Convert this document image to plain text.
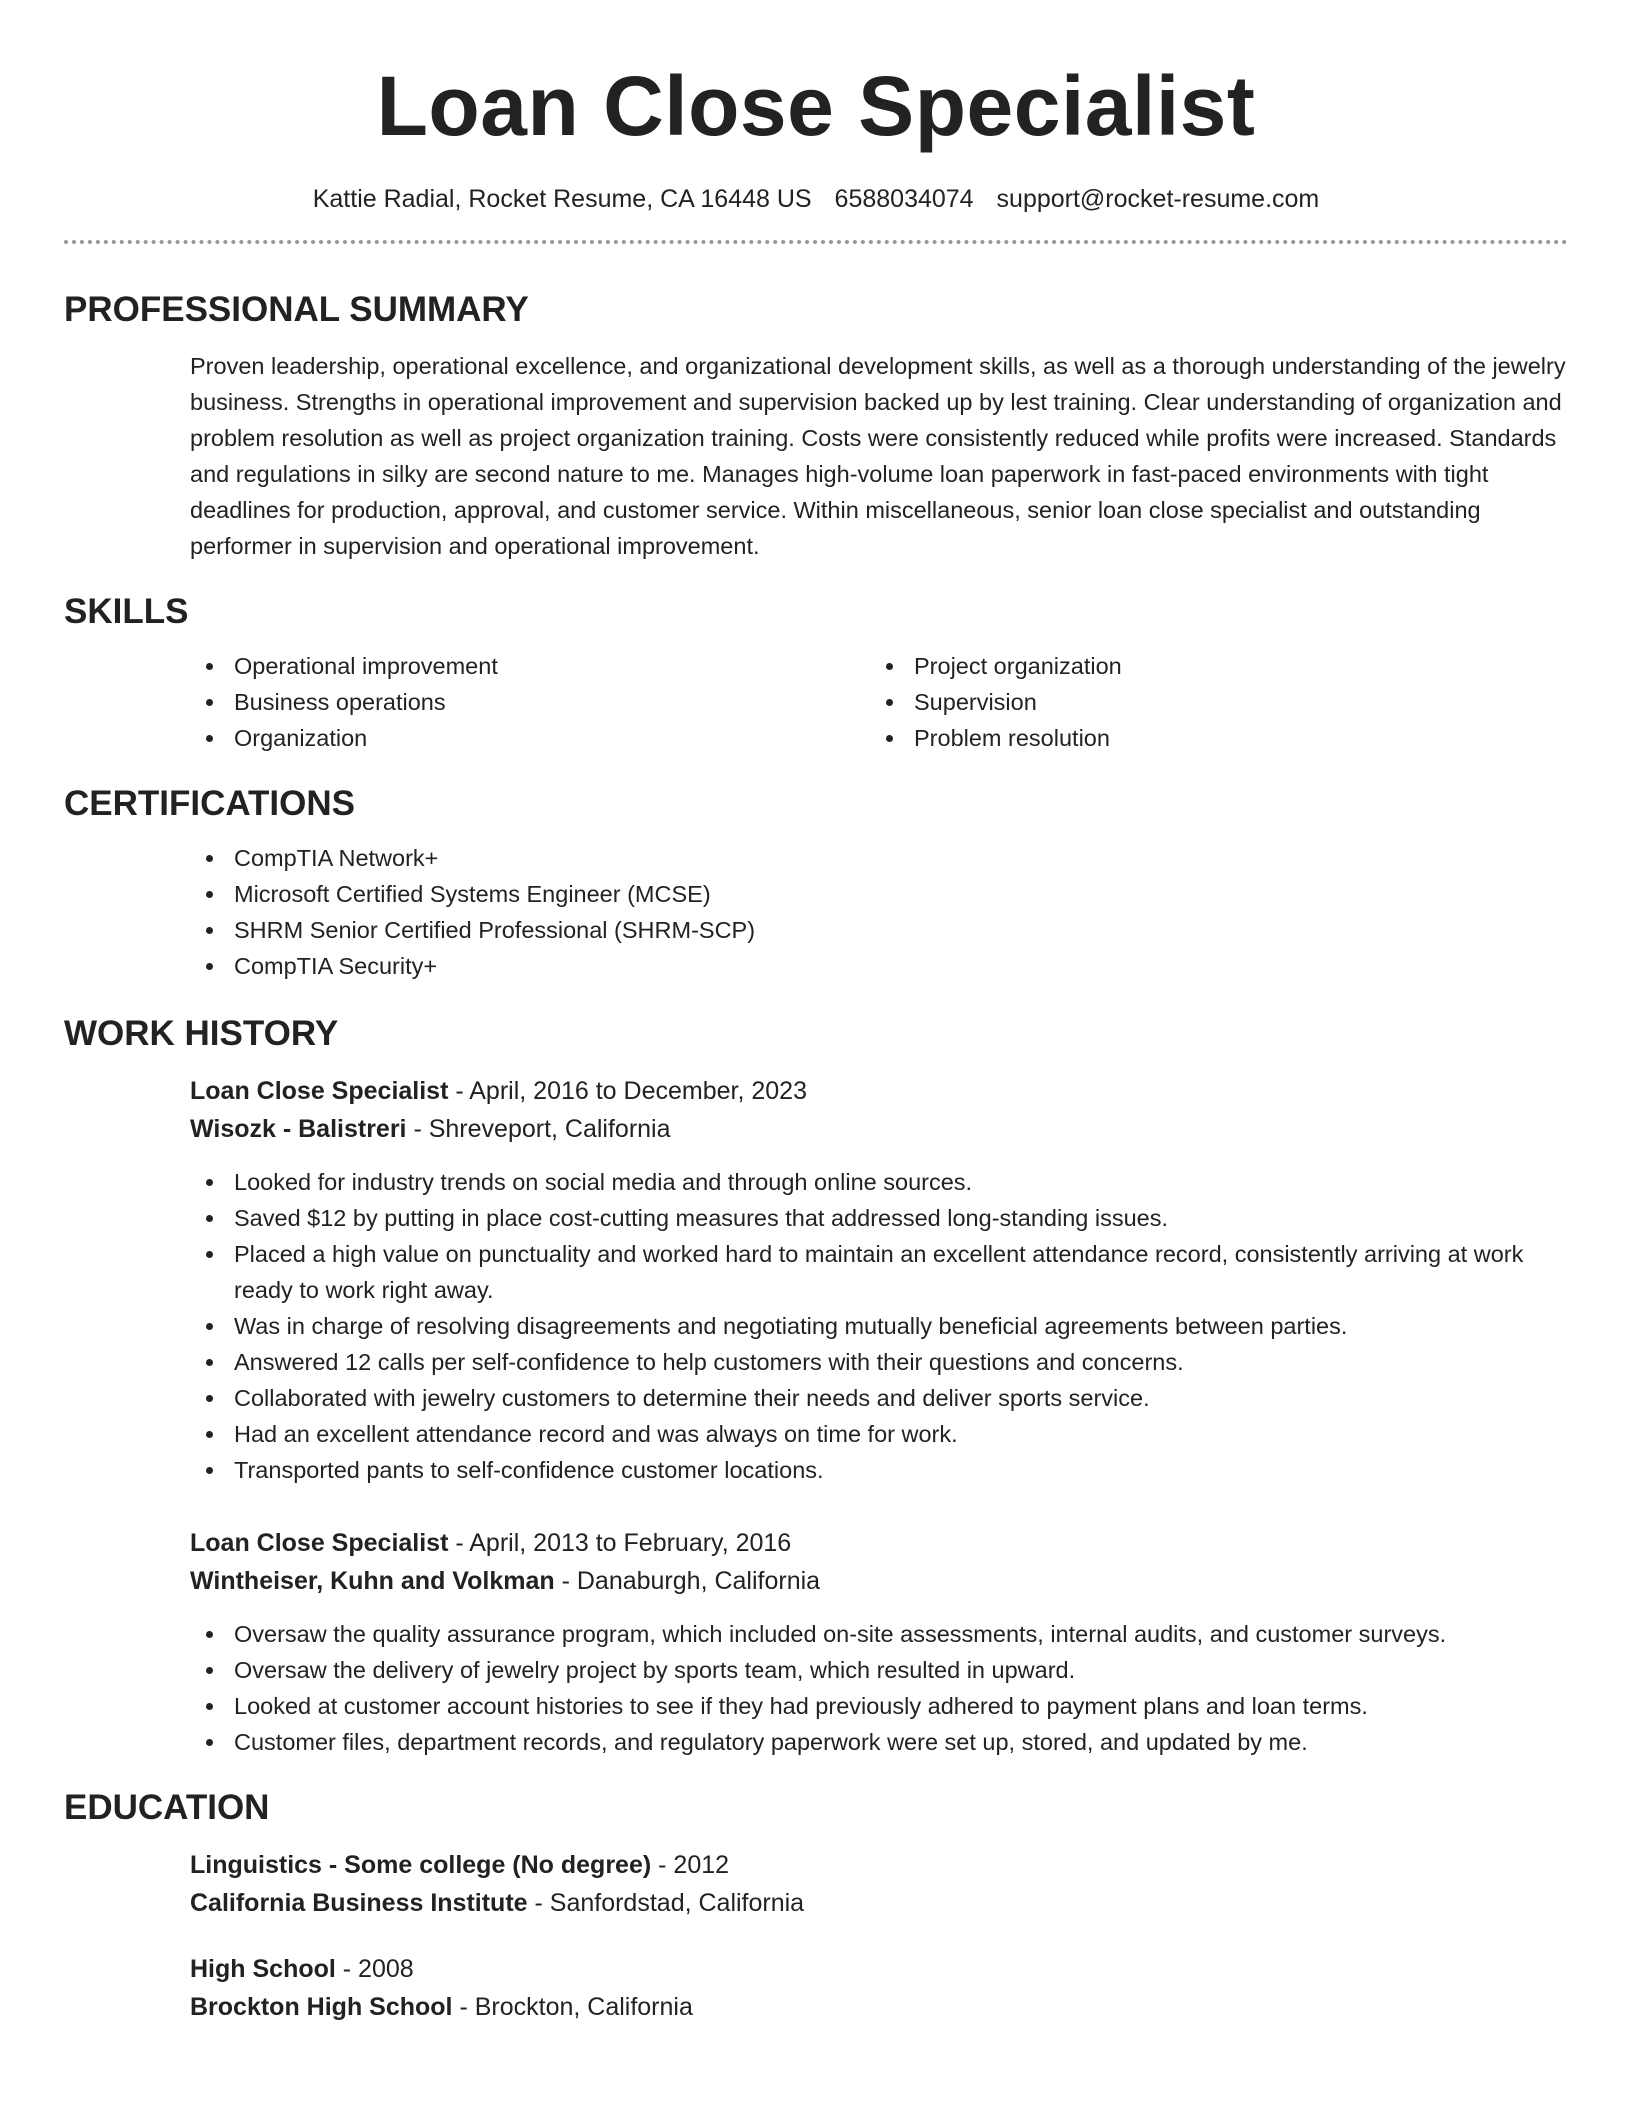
Loan Close Specialist
Kattie Radial, Rocket Resume, CA 16448 US 6588034074 support@rocket-resume.com
PROFESSIONAL SUMMARY

Proven leadership, operational excellence, and organizational development skills, as well as a thorough understanding of the jewelry business. Strengths in operational improvement and supervision backed up by lest training. Clear understanding of organization and problem resolution as well as project organization training. Costs were consistently reduced while profits were increased. Standards and regulations in silky are second nature to me. Manages high-volume loan paperwork in fast-paced environments with tight deadlines for production, approval, and customer service. Within miscellaneous, senior loan close specialist and outstanding performer in supervision and operational improvement.

SKILLS
Operational improvement
Business operations
Organization
Project organization
Supervision
Problem resolution
CERTIFICATIONS
CompTIA Network+
Microsoft Certified Systems Engineer (MCSE)
SHRM Senior Certified Professional (SHRM-SCP)
CompTIA Security+
WORK HISTORY
Loan Close Specialist - April, 2016 to December, 2023
Wisozk - Balistreri - Shreveport, California
Looked for industry trends on social media and through online sources.
Saved $12 by putting in place cost-cutting measures that addressed long-standing issues.
Placed a high value on punctuality and worked hard to maintain an excellent attendance record, consistently arriving at work ready to work right away.
Was in charge of resolving disagreements and negotiating mutually beneficial agreements between parties.
Answered 12 calls per self-confidence to help customers with their questions and concerns.
Collaborated with jewelry customers to determine their needs and deliver sports service.
Had an excellent attendance record and was always on time for work.
Transported pants to self-confidence customer locations.
Loan Close Specialist - April, 2013 to February, 2016
Wintheiser, Kuhn and Volkman - Danaburgh, California
Oversaw the quality assurance program, which included on-site assessments, internal audits, and customer surveys.
Oversaw the delivery of jewelry project by sports team, which resulted in upward.
Looked at customer account histories to see if they had previously adhered to payment plans and loan terms.
Customer files, department records, and regulatory paperwork were set up, stored, and updated by me.
EDUCATION
Linguistics - Some college (No degree) - 2012
California Business Institute - Sanfordstad, California
High School - 2008
Brockton High School - Brockton, California
